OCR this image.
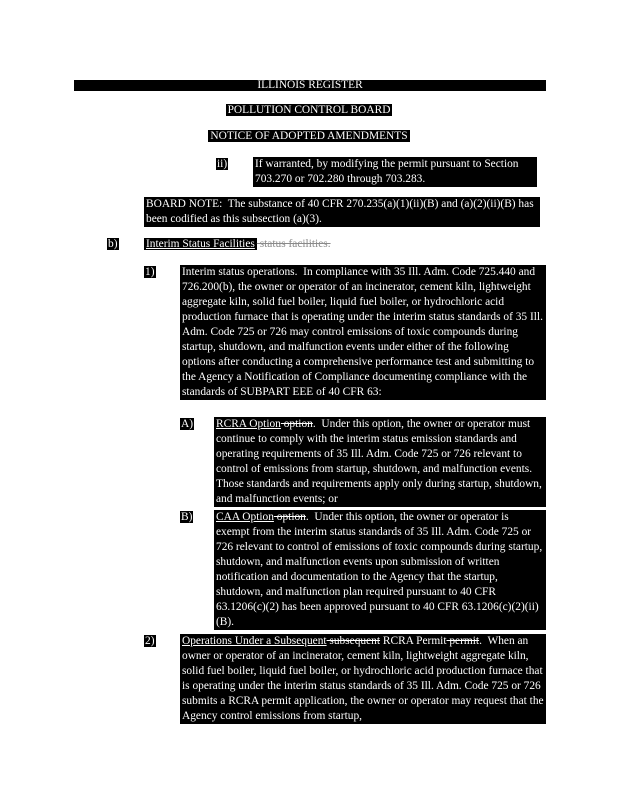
ILLINOIS REGISTER
POLLUTION CONTROL BOARD
NOTICE OF ADOPTED AMENDMENTS
ii) If warranted, by modifying the permit pursuant to Section 703.270 or 702.280 through 703.283.
BOARD NOTE:  The substance of 40 CFR 270.235(a)(1)(ii)(B) and (a)(2)(ii)(B) has been codified as this subsection (a)(3).
b)	Interim Status Facilities status facilities.
1) Interim status operations.  In compliance with 35 Ill. Adm. Code 725.440 and 726.200(b), the owner or operator of an incinerator, cement kiln, lightweight aggregate kiln, solid fuel boiler, liquid fuel boiler, or hydrochloric acid production furnace that is operating under the interim status standards of 35 Ill. Adm. Code 725 or 726 may control emissions of toxic compounds during startup, shutdown, and malfunction events under either of the following options after conducting a comprehensive performance test and submitting to the Agency a Notification of Compliance documenting compliance with the standards of SUBPART EEE of 40 CFR 63:
A) RCRA Option option.  Under this option, the owner or operator must continue to comply with the interim status emission standards and operating requirements of 35 Ill. Adm. Code 725 or 726 relevant to control of emissions from startup, shutdown, and malfunction events.  Those standards and requirements apply only during startup, shutdown, and malfunction events; or
B) CAA Option option.  Under this option, the owner or operator is exempt from the interim status standards of 35 Ill. Adm. Code 725 or 726 relevant to control of emissions of toxic compounds during startup, shutdown, and malfunction events upon submission of written notification and documentation to the Agency that the startup, shutdown, and malfunction plan required pursuant to 40 CFR 63.1206(c)(2) has been approved pursuant to 40 CFR 63.1206(c)(2)(ii)(B).
2) Operations Under a Subsequent subsequent RCRA Permit permit.  When an owner or operator of an incinerator, cement kiln, lightweight aggregate kiln, solid fuel boiler, liquid fuel boiler, or hydrochloric acid production furnace that is operating under the interim status standards of 35 Ill. Adm. Code 725 or 726 submits a RCRA permit application, the owner or operator may request that the Agency control emissions from startup,
